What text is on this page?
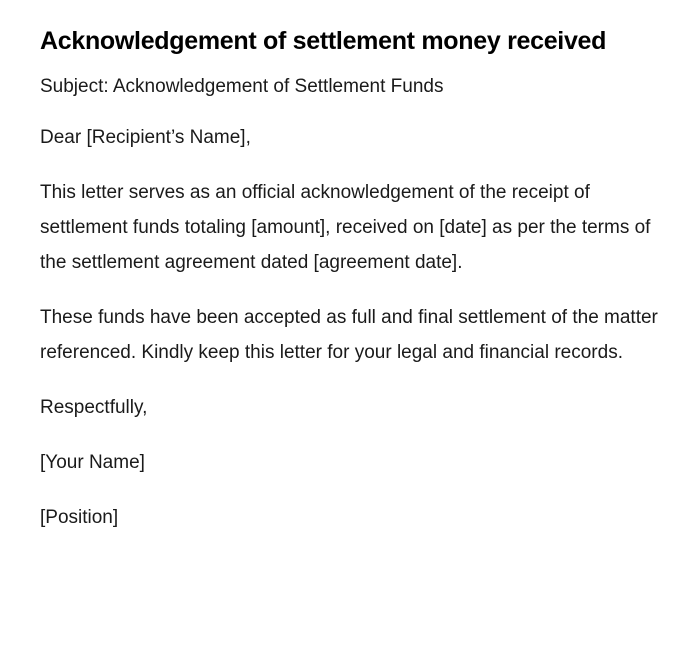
Acknowledgement of settlement money received

Subject: Acknowledgement of Settlement Funds

Dear [Recipient’s Name],

This letter serves as an official acknowledgement of the receipt of settlement funds totaling [amount], received on [date] as per the terms of the settlement agreement dated [agreement date].

These funds have been accepted as full and final settlement of the matter referenced. Kindly keep this letter for your legal and financial records.

Respectfully,

[Your Name]

[Position]
